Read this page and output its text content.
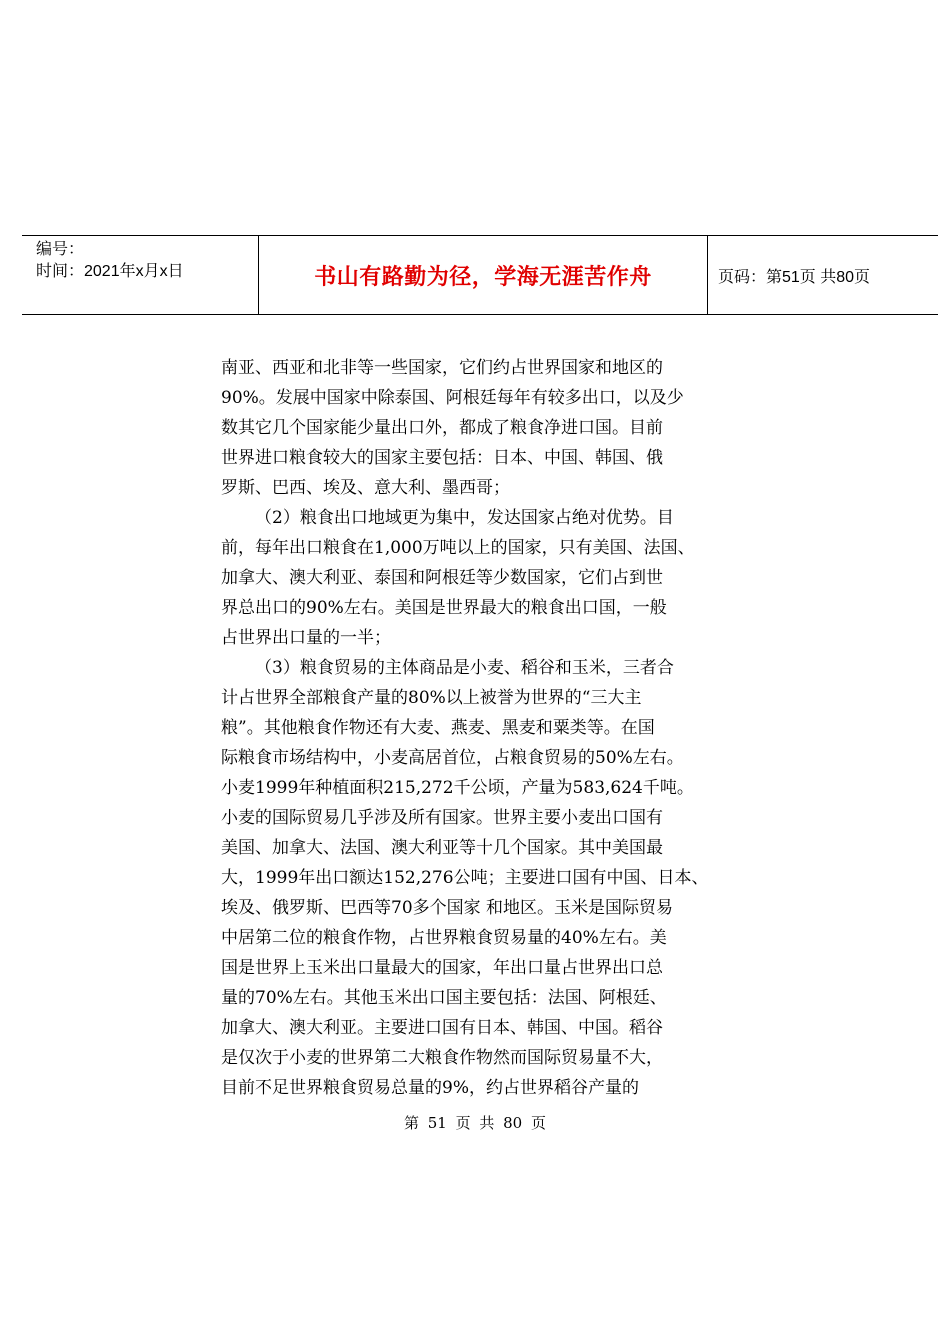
编号：
时间：2021年x月x日	书山有路勤为径，学海无涯苦作舟	页码：第51页 共80页
南亚、西亚和北非等一些国家，它们约占世界国家和地区的
90%。发展中国家中除泰国、阿根廷每年有较多出口，以及少
数其它几个国家能少量出口外，都成了粮食净进口国。目前
世界进口粮食较大的国家主要包括：日本、中国、韩国、俄
罗斯、巴西、埃及、意大利、墨西哥；
（2）粮食出口地域更为集中，发达国家占绝对优势。目
前，每年出口粮食在1,000万吨以上的国家，只有美国、法国、
加拿大、澳大利亚、泰国和阿根廷等少数国家，它们占到世
界总出口的90%左右。美国是世界最大的粮食出口国，一般
占世界出口量的一半；
（3）粮食贸易的主体商品是小麦、稻谷和玉米，三者合
计占世界全部粮食产量的80%以上被誉为世界的“三大主
粮”。其他粮食作物还有大麦、燕麦、黑麦和粟类等。在国
际粮食市场结构中，小麦高居首位，占粮食贸易的50%左右。
小麦1999年种植面积215,272千公顷，产量为583,624千吨。
小麦的国际贸易几乎涉及所有国家。世界主要小麦出口国有
美国、加拿大、法国、澳大利亚等十几个国家。其中美国最
大，1999年出口额达152,276公吨；主要进口国有中国、日本、
埃及、俄罗斯、巴西等70多个国家 和地区。玉米是国际贸易
中居第二位的粮食作物，占世界粮食贸易量的40%左右。美
国是世界上玉米出口量最大的国家，年出口量占世界出口总
量的70%左右。其他玉米出口国主要包括：法国、阿根廷、
加拿大、澳大利亚。主要进口国有日本、韩国、中国。稻谷
是仅次于小麦的世界第二大粮食作物然而国际贸易量不大，
目前不足世界粮食贸易总量的9%，约占世界稻谷产量的
第 51 页 共 80 页
